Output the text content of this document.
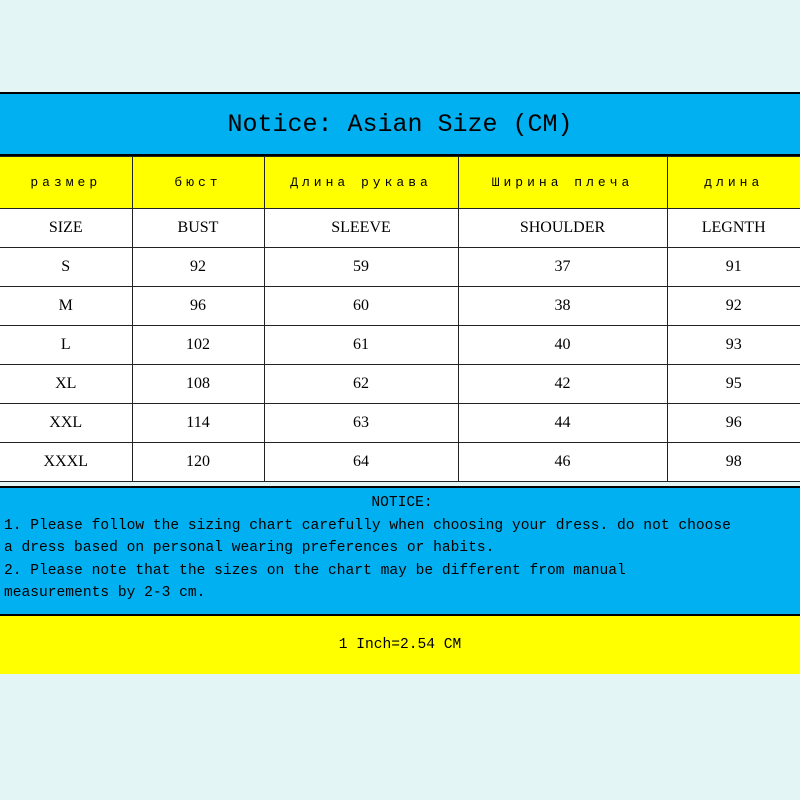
Notice: Asian Size (CM)
размер	бюст	Длина рукава	Ширина плеча	длина
SIZE	BUST	SLEEVE	SHOULDER	LEGNTH
S	92	59	37	91
M	96	60	38	92
L	102	61	40	93
XL	108	62	42	95
XXL	114	63	44	96
XXXL	120	64	46	98
NOTICE:
1. Please follow the sizing chart carefully when choosing your dress. do not choose
a dress based on personal wearing preferences or habits.
2. Please note that the sizes on the chart may be different from manual
measurements by 2-3 cm.
1 Inch=2.54 CM
